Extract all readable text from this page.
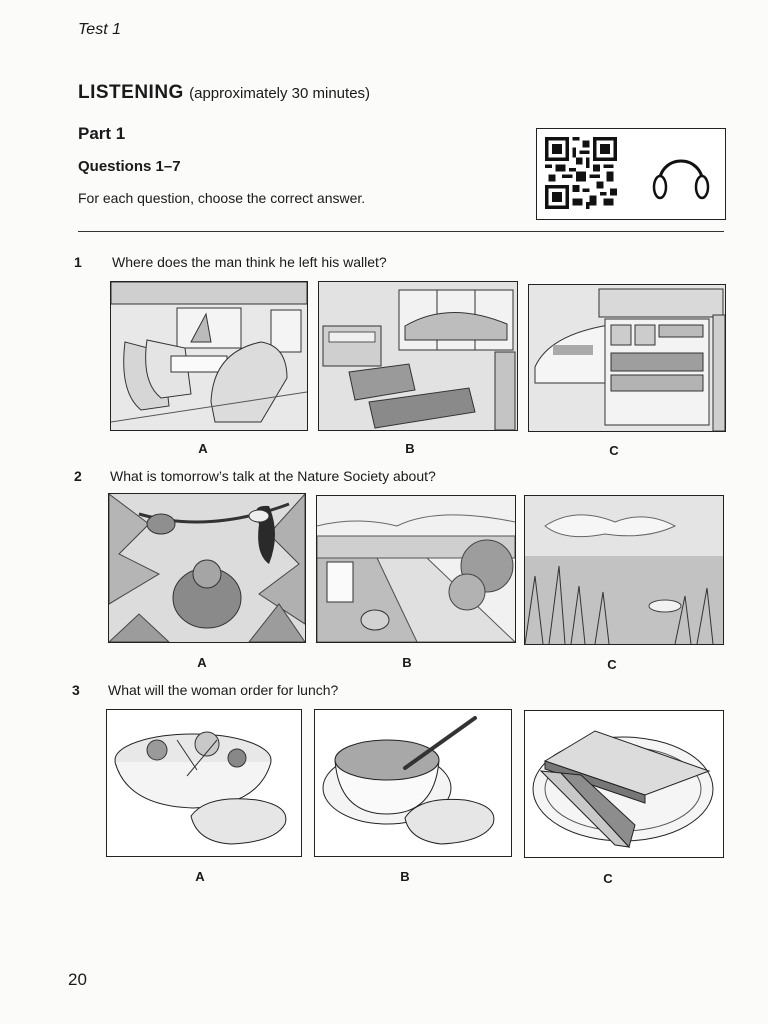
Test 1
LISTENING (approximately 30 minutes)
Part 1
Questions 1–7
For each question, choose the correct answer.
1 Where does the man think he left his wallet?
A	B	C
2 What is tomorrow’s talk at the Nature Society about?
A	B	C
3 What will the woman order for lunch?
A	B	C
20
